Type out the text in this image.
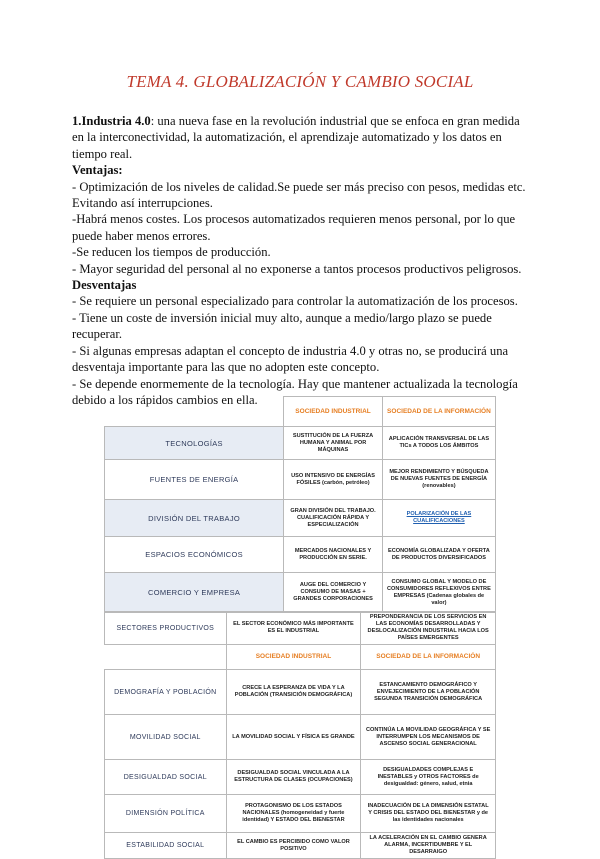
TEMA 4. GLOBALIZACIÓN Y CAMBIO SOCIAL

1.Industria 4.0: una nueva fase en la revolución industrial que se enfoca en gran medida en la interconectividad, la automatización, el aprendizaje automatizado y los datos en tiempo real.

Ventajas:

- Optimización de los niveles de calidad.Se puede ser más preciso con pesos, medidas etc. Evitando así interrupciones.

-Habrá menos costes. Los procesos automatizados requieren menos personal, por lo que puede haber menos errores.

-Se reducen los tiempos de producción.

- Mayor seguridad del personal al no exponerse a tantos procesos productivos peligrosos.

Desventajas

- Se requiere un personal especializado para controlar la automatización de los procesos.

- Tiene un coste de inversión inicial muy alto, aunque a medio/largo plazo se puede recuperar.

- Si algunas empresas adaptan el concepto de industria 4.0 y otras no, se producirá una desventaja importante para las que no adopten este concepto.

- Se depende enormemente de la tecnología. Hay que mantener actualizada la tecnología debido a los rápidos cambios en ella.

	SOCIEDAD INDUSTRIAL	SOCIEDAD DE LA INFORMACIÓN
TECNOLOGÍAS	SUSTITUCIÓN DE LA FUERZA HUMANA Y ANIMAL POR MÁQUINAS	APLICACIÓN TRANSVERSAL DE LAS TICs A TODOS LOS ÁMBITOS
FUENTES DE ENERGÍA	USO INTENSIVO DE ENERGÍAS FÓSILES (carbón, petróleo)	MEJOR RENDIMIENTO Y BÚSQUEDA DE NUEVAS FUENTES DE ENERGÍA (renovables)
DIVISIÓN DEL TRABAJO	GRAN DIVISIÓN DEL TRABAJO. CUALIFICACIÓN RÁPIDA Y ESPECIALIZACIÓN	POLARIZACIÓN DE LAS CUALIFICACIONES
ESPACIOS ECONÓMICOS	MERCADOS NACIONALES Y PRODUCCIÓN EN SERIE.	ECONOMÍA GLOBALIZADA Y OFERTA DE PRODUCTOS DIVERSIFICADOS
COMERCIO Y EMPRESA	AUGE DEL COMERCIO Y CONSUMO DE MASAS + GRANDES CORPORACIONES	CONSUMO GLOBAL Y MODELO DE CONSUMIDORES REFLEXIVOS ENTRE EMPRESAS (Cadenas globales de valor)
SECTORES PRODUCTIVOS	EL SECTOR ECONÓMICO MÁS IMPORTANTE ES EL INDUSTRIAL	PREPONDERANCIA DE LOS SERVICIOS EN LAS ECONOMÍAS DESARROLLADAS Y DESLOCALIZACIÓN INDUSTRIAL HACIA LOS PAÍSES EMERGENTES
	SOCIEDAD INDUSTRIAL	SOCIEDAD DE LA INFORMACIÓN
DEMOGRAFÍA Y POBLACIÓN	CRECE LA ESPERANZA DE VIDA Y LA POBLACIÓN (TRANSICIÓN DEMOGRÁFICA)	ESTANCAMIENTO DEMOGRÁFICO Y ENVEJECIMIENTO DE LA POBLACIÓN SEGUNDA TRANSICIÓN DEMOGRÁFICA
MOVILIDAD SOCIAL	LA MOVILIDAD SOCIAL Y FÍSICA ES GRANDE	CONTINÚA LA MOVILIDAD GEOGRÁFICA Y SE INTERRUMPEN LOS MECANISMOS DE ASCENSO SOCIAL GENERACIONAL
DESIGUALDAD SOCIAL	DESIGUALDAD SOCIAL VINCULADA A LA ESTRUCTURA DE CLASES (OCUPACIONES)	DESIGUALDADES COMPLEJAS E INESTABLES y OTROS FACTORES de desigualdad: género, salud, etnia
DIMENSIÓN POLÍTICA	PROTAGONISMO DE LOS ESTADOS NACIONALES (homogeneidad y fuerte identidad) Y ESTADO DEL BIENESTAR	INADECUACIÓN DE LA DIMENSIÓN ESTATAL Y CRISIS DEL ESTADO DEL BIENESTAR y de las identidades nacionales
ESTABILIDAD SOCIAL	EL CAMBIO ES PERCIBIDO COMO VALOR POSITIVO	LA ACELERACIÓN EN EL CAMBIO GENERA ALARMA, INCERTIDUMBRE Y EL DESARRAIGO
